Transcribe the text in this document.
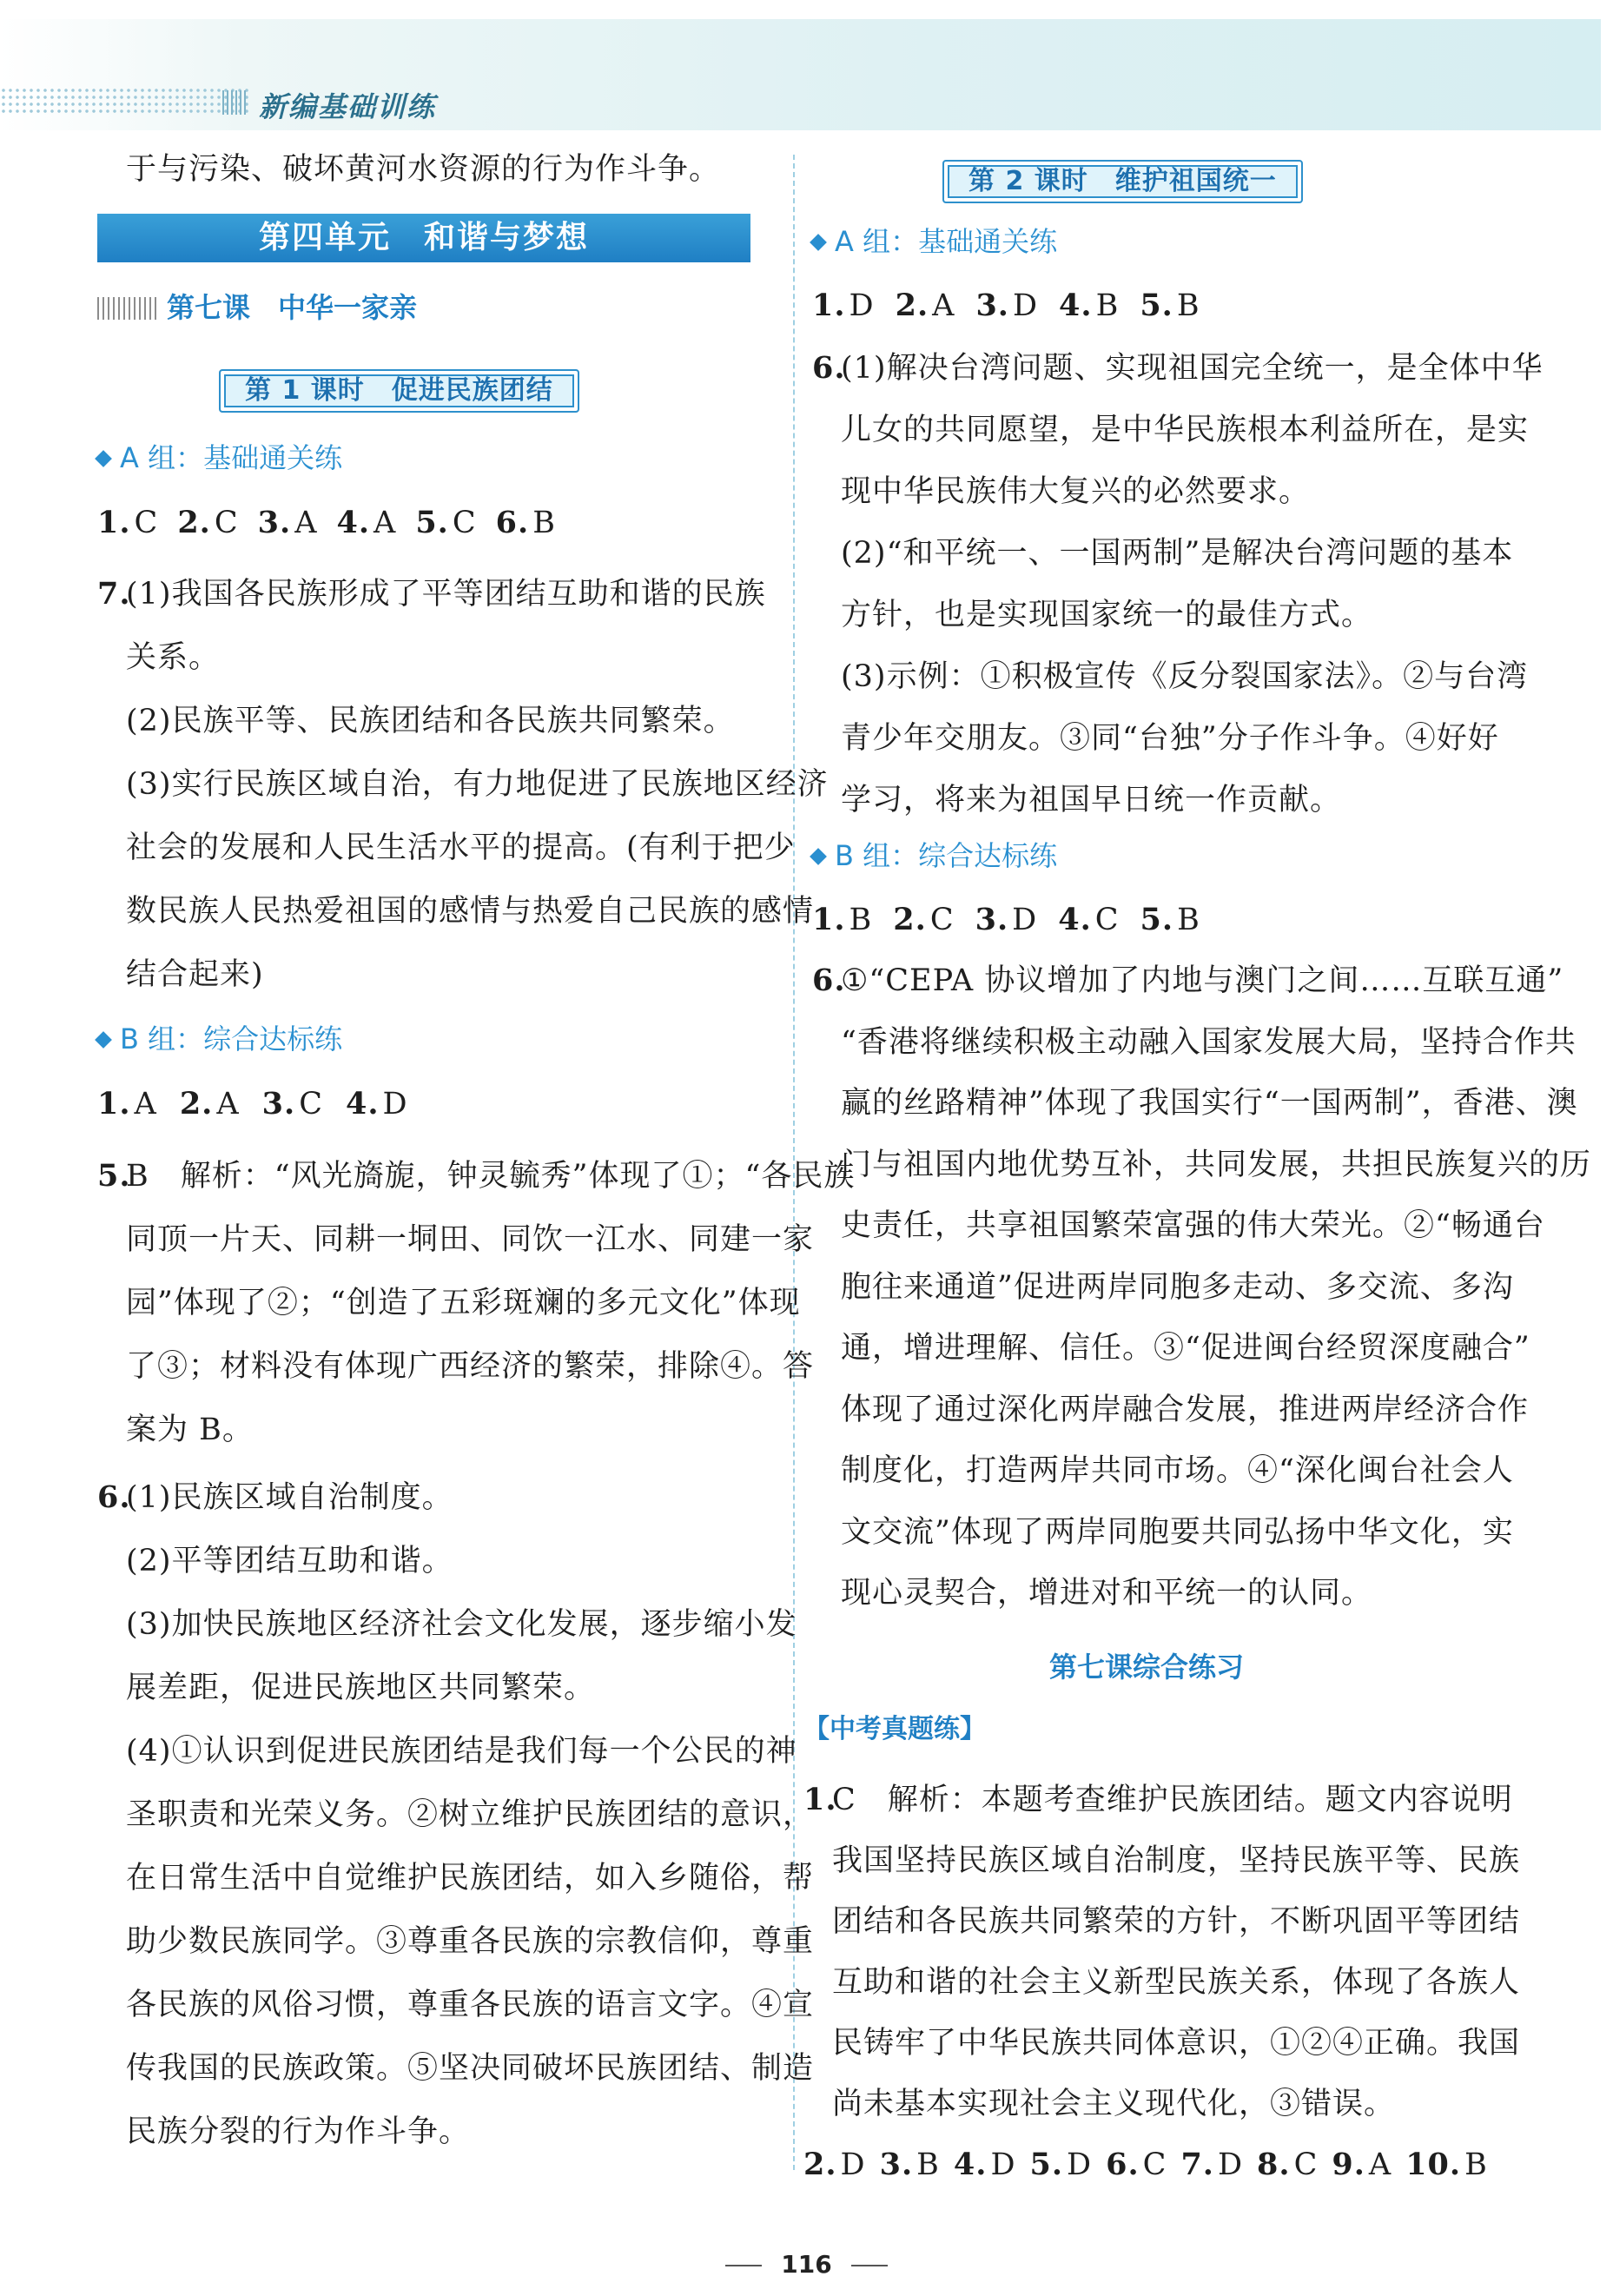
新编基础训练
于与污染、破坏黄河水资源的行为作斗争。
第四单元　和谐与梦想
第七课　中华一家亲
第 1 课时　促进民族团结
A 组：基础通关练
1. C 2. C 3. A 4. A 5. C 6. B
7.
(1)我国各民族形成了平等团结互助和谐的民族
关系。
(2)民族平等、民族团结和各民族共同繁荣。
(3)实行民族区域自治，有力地促进了民族地区经济
社会的发展和人民生活水平的提高。(有利于把少
数民族人民热爱祖国的感情与热爱自己民族的感情
结合起来)
B 组：综合达标练
1. A 2. A 3. C 4. D
5.
B　解析：“风光旖旎，钟灵毓秀”体现了①；“各民族
同顶一片天、同耕一垌田、同饮一江水、同建一家
园”体现了②；“创造了五彩斑斓的多元文化”体现
了③；材料没有体现广西经济的繁荣，排除④。答
案为 B。
6.
(1)民族区域自治制度。
(2)平等团结互助和谐。
(3)加快民族地区经济社会文化发展，逐步缩小发
展差距，促进民族地区共同繁荣。
(4)①认识到促进民族团结是我们每一个公民的神
圣职责和光荣义务。②树立维护民族团结的意识，
在日常生活中自觉维护民族团结，如入乡随俗，帮
助少数民族同学。③尊重各民族的宗教信仰，尊重
各民族的风俗习惯，尊重各民族的语言文字。④宣
传我国的民族政策。⑤坚决同破坏民族团结、制造
民族分裂的行为作斗争。
第 2 课时　维护祖国统一
A 组：基础通关练
1. D 2. A 3. D 4. B 5. B
6.
(1)解决台湾问题、实现祖国完全统一，是全体中华
儿女的共同愿望，是中华民族根本利益所在，是实
现中华民族伟大复兴的必然要求。
(2)“和平统一、一国两制”是解决台湾问题的基本
方针，也是实现国家统一的最佳方式。
(3)示例：①积极宣传《反分裂国家法》。②与台湾
青少年交朋友。③同“台独”分子作斗争。④好好
学习，将来为祖国早日统一作贡献。
B 组：综合达标练
1. B 2. C 3. D 4. C 5. B
6.
①“CEPA 协议增加了内地与澳门之间……互联互通”
“香港将继续积极主动融入国家发展大局，坚持合作共
赢的丝路精神”体现了我国实行“一国两制”，香港、澳
门与祖国内地优势互补，共同发展，共担民族复兴的历
史责任，共享祖国繁荣富强的伟大荣光。②“畅通台
胞往来通道”促进两岸同胞多走动、多交流、多沟
通，增进理解、信任。③“促进闽台经贸深度融合”
体现了通过深化两岸融合发展，推进两岸经济合作
制度化，打造两岸共同市场。④“深化闽台社会人
文交流”体现了两岸同胞要共同弘扬中华文化，实
现心灵契合，增进对和平统一的认同。
第七课综合练习
【中考真题练】
1.
C　解析：本题考查维护民族团结。题文内容说明
我国坚持民族区域自治制度，坚持民族平等、民族
团结和各民族共同繁荣的方针，不断巩固平等团结
互助和谐的社会主义新型民族关系，体现了各族人
民铸牢了中华民族共同体意识，①②④正确。我国
尚未基本实现社会主义现代化，③错误。
2. D 3. B 4. D 5. D 6. C 7. D 8. C 9. A 10. B
116
